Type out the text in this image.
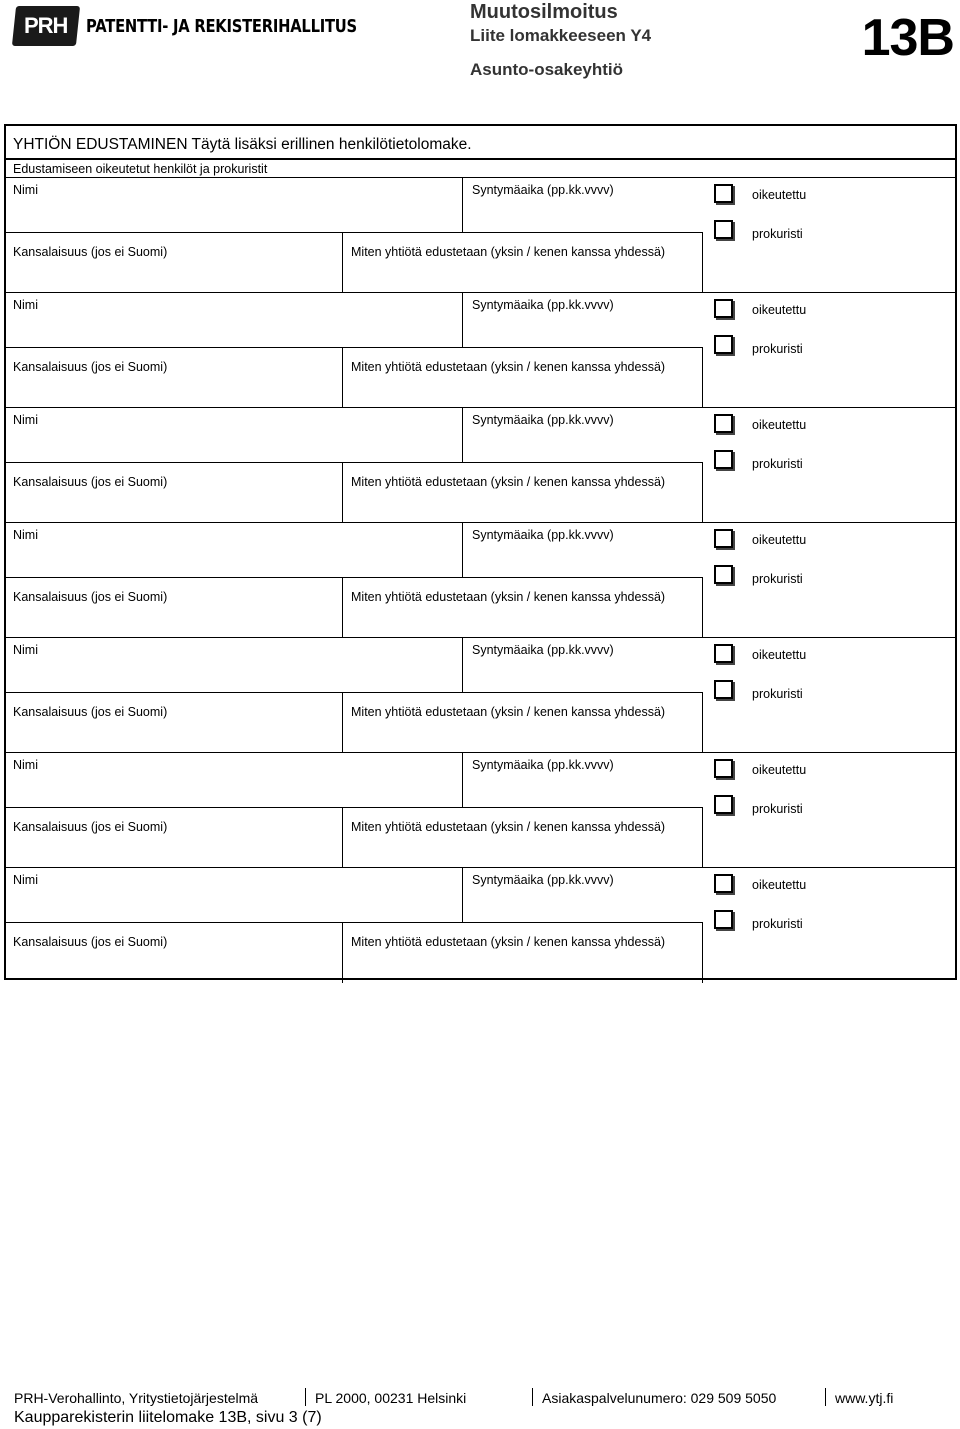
PRH PATENTTI- JA REKISTERIHALLITUS
Muutosilmoitus
Liite lomakkeeseen Y4
Asunto-osakeyhtiö
13B
YHTIÖN EDUSTAMINEN Täytä lisäksi erillinen henkilötietolomake.
Edustamiseen oikeutetut henkilöt ja prokuristit
Nimi	Syntymäaika (pp.kk.vvvv)
Kansalaisuus (jos ei Suomi)	Miten yhtiötä edustetaan (yksin / kenen kanssa yhdessä)
oikeutettu
prokuristi
Nimi	Syntymäaika (pp.kk.vvvv)
Kansalaisuus (jos ei Suomi)	Miten yhtiötä edustetaan (yksin / kenen kanssa yhdessä)
oikeutettu
prokuristi
Nimi	Syntymäaika (pp.kk.vvvv)
Kansalaisuus (jos ei Suomi)	Miten yhtiötä edustetaan (yksin / kenen kanssa yhdessä)
oikeutettu
prokuristi
Nimi	Syntymäaika (pp.kk.vvvv)
Kansalaisuus (jos ei Suomi)	Miten yhtiötä edustetaan (yksin / kenen kanssa yhdessä)
oikeutettu
prokuristi
Nimi	Syntymäaika (pp.kk.vvvv)
Kansalaisuus (jos ei Suomi)	Miten yhtiötä edustetaan (yksin / kenen kanssa yhdessä)
oikeutettu
prokuristi
Nimi	Syntymäaika (pp.kk.vvvv)
Kansalaisuus (jos ei Suomi)	Miten yhtiötä edustetaan (yksin / kenen kanssa yhdessä)
oikeutettu
prokuristi
Nimi	Syntymäaika (pp.kk.vvvv)
Kansalaisuus (jos ei Suomi)	Miten yhtiötä edustetaan (yksin / kenen kanssa yhdessä)
oikeutettu
prokuristi
PRH-Verohallinto, Yritystietojärjestelmä	PL 2000, 00231 Helsinki	Asiakaspalvelunumero: 029 509 5050	www.ytj.fi
Kaupparekisterin liitelomake 13B, sivu 3 (7)
